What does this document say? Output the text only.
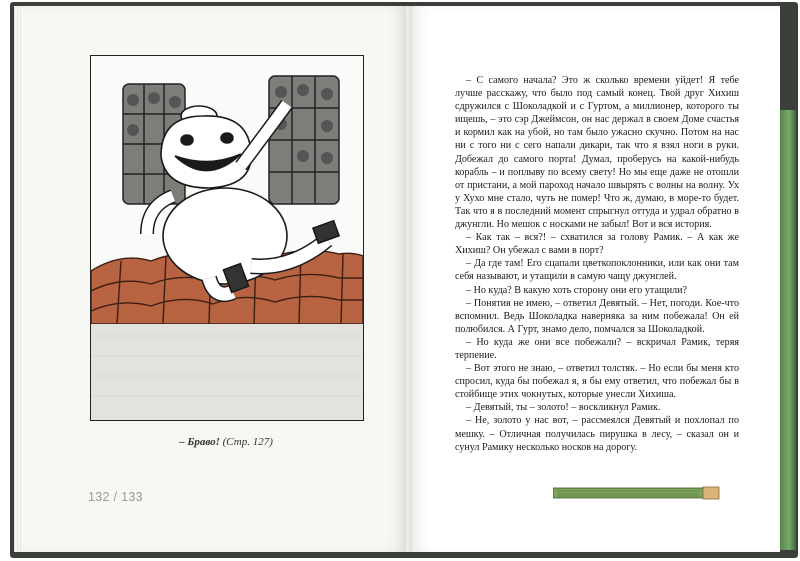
– Браво! (Стр. 127)
132 / 133

– С самого начала? Это ж сколько времени уйдет! Я тебе лучше расскажу, что было под самый конец. Твой друг Хихиш сдружился с Шоколадкой и с Гуртом, а миллионер, которого ты ищешь, – это сэр Джеймсон, он нас держал в своем Доме счастья и кормил как на убой, но там было ужасно скучно. Потом на нас ни с того ни с сего напали дикари, так что я взял ноги в руки. Добежал до самого порта! Думал, проберусь на какой-нибудь корабль – и поплыву по всему свету! Но мы еще даже не отошли от пристани, а мой пароход начало швырять с волны на волну. Ух у Хухо мне стало, чуть не помер! Что ж, думаю, в море-то будет. Так что я в последний момент спрыгнул оттуда и удрал обратно в джунгли. Но мешок с носками не забыл! Вот и вся история.

– Как так – вся?! – схватился за голову Рамик. – А как же Хихиш? Он убежал с вами в порт?

– Да где там! Его сцапали цветкопоклонники, или как они там себя называют, и утащили в самую чащу джунглей.

– Но куда? В какую хоть сторону они его утащили?

– Понятия не имею, – ответил Девятый. – Нет, погоди. Кое-что вспомнил. Ведь Шоколадка наверняка за ним побежала! Он ей полюбился. А Гурт, знамо дело, помчался за Шоколадкой.

– Но куда же они все побежали? – вскричал Рамик, теряя терпение.

– Вот этого не знаю, – ответил толстяк. – Но если бы меня кто спросил, куда бы побежал я, я бы ему ответил, что побежал бы в стойбище этих чокнутых, которые унесли Хихиша.

– Девятый, ты – золото! – воскликнул Рамик.

– Не, золото у нас вот, – рассмеялся Девятый и похлопал по мешку. – Отличная получилась пирушка в лесу, – сказал он и сунул Рамику несколько носков на дорогу.
